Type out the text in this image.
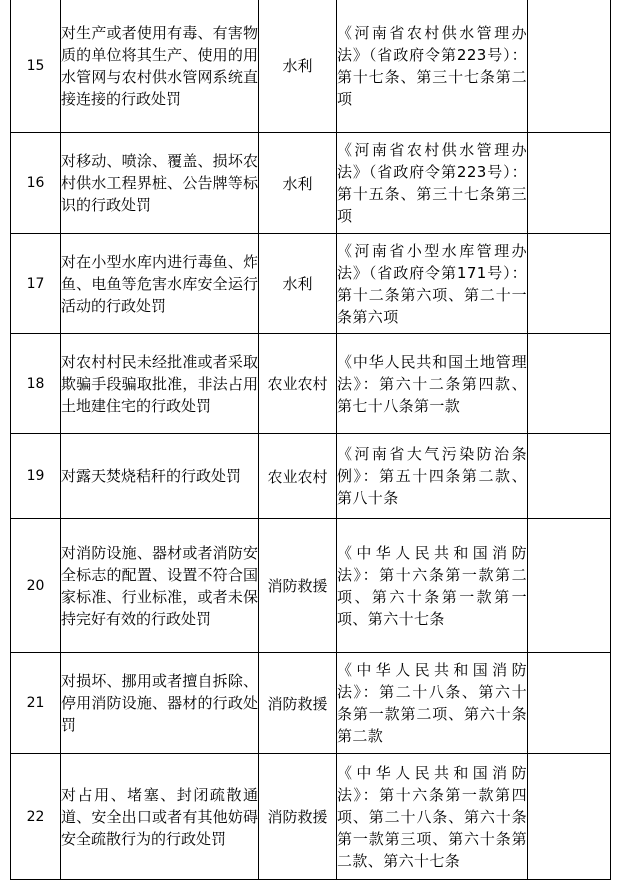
15	对生产或者使用有毒、有害物质的单位将其生产、使用的用水管网与农村供水管网系统直接连接的行政处罚	水利	《河南省农村供水管理办法》（省政府令第223号）：第十七条、第三十七条第二项	
16	对移动、喷涂、覆盖、损坏农村供水工程界桩、公告牌等标识的行政处罚	水利	《河南省农村供水管理办法》（省政府令第223号）：第十五条、第三十七条第三项	
17	对在小型水库内进行毒鱼、炸鱼、电鱼等危害水库安全运行活动的行政处罚	水利	《河南省小型水库管理办法》（省政府令第171号）：第十二条第六项、第二十一条第六项	
18	对农村村民未经批准或者采取欺骗手段骗取批准，非法占用土地建住宅的行政处罚	农业农村	《中华人民共和国土地管理法》：第六十二条第四款、第七十八条第一款	
19	对露天焚烧秸秆的行政处罚	农业农村	《河南省大气污染防治条例》：第五十四条第二款、第八十条	
20	对消防设施、器材或者消防安全标志的配置、设置不符合国家标准、行业标准，或者未保持完好有效的行政处罚	消防救援	《中华人民共和国消防法》：第十六条第一款第二项、第六十条第一款第一项、第六十七条	
21	对损坏、挪用或者擅自拆除、停用消防设施、器材的行政处罚	消防救援	《中华人民共和国消防法》：第二十八条、第六十条第一款第二项、第六十条第二款	
22	对占用、堵塞、封闭疏散通道、安全出口或者有其他妨碍安全疏散行为的行政处罚	消防救援	《中华人民共和国消防法》：第十六条第一款第四项、第二十八条、第六十条第一款第三项、第六十条第二款、第六十七条	
